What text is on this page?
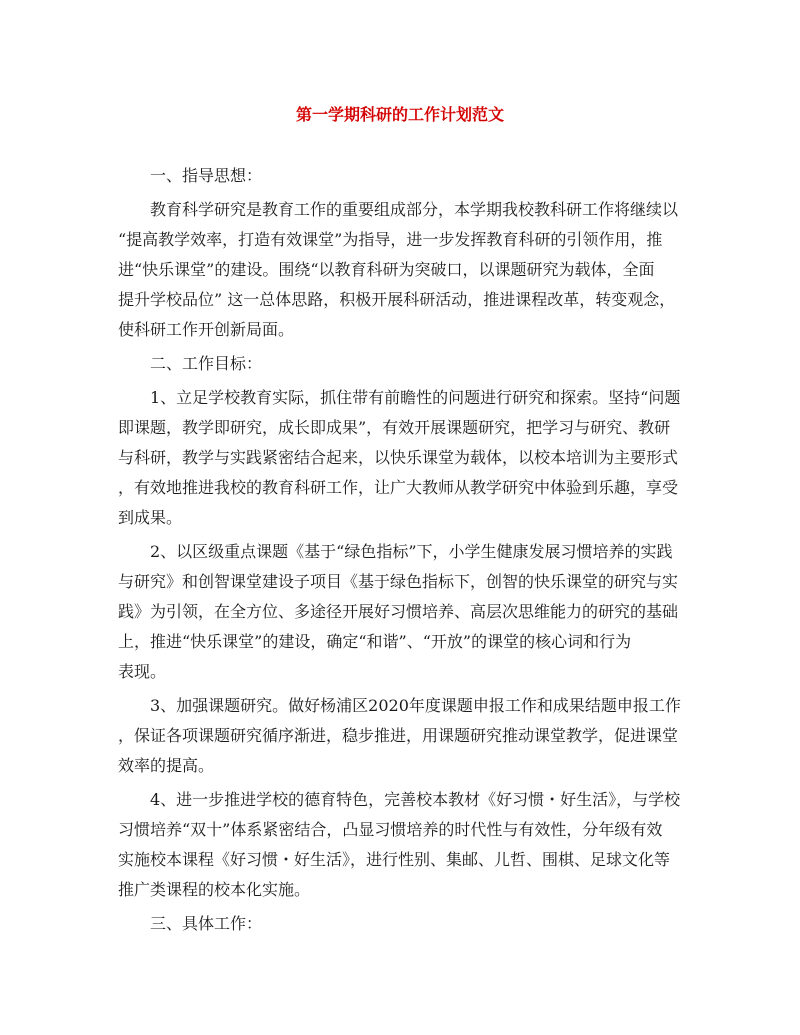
第一学期科研的工作计划范文
一、指导思想：
教育科学研究是教育工作的重要组成部分，本学期我校教科研工作将继续以
“提高教学效率，打造有效课堂”为指导，进一步发挥教育科研的引领作用，推
进“快乐课堂”的建设。围绕“以教育科研为突破口，以课题研究为载体，全面
提升学校品位” 这一总体思路，积极开展科研活动，推进课程改革，转变观念，
使科研工作开创新局面。
二、工作目标：
1、立足学校教育实际，抓住带有前瞻性的问题进行研究和探索。坚持“问题
即课题，教学即研究，成长即成果”，有效开展课题研究，把学习与研究、教研
与科研，教学与实践紧密结合起来，以快乐课堂为载体，以校本培训为主要形式
，有效地推进我校的教育科研工作，让广大教师从教学研究中体验到乐趣，享受
到成果。
2、以区级重点课题《基于“绿色指标”下，小学生健康发展习惯培养的实践
与研究》和创智课堂建设子项目《基于绿色指标下，创智的快乐课堂的研究与实
践》为引领，在全方位、多途径开展好习惯培养、高层次思维能力的研究的基础
上，推进“快乐课堂”的建设，确定“和谐”、“开放”的课堂的核心词和行为
表现。
3、加强课题研究。做好杨浦区2020年度课题申报工作和成果结题申报工作
，保证各项课题研究循序渐进，稳步推进，用课题研究推动课堂教学，促进课堂
效率的提高。
4、进一步推进学校的德育特色，完善校本教材《好习惯・好生活》，与学校
习惯培养“双十”体系紧密结合，凸显习惯培养的时代性与有效性，分年级有效
实施校本课程《好习惯・好生活》，进行性别、集邮、儿哲、围棋、足球文化等
推广类课程的校本化实施。
三、具体工作：
